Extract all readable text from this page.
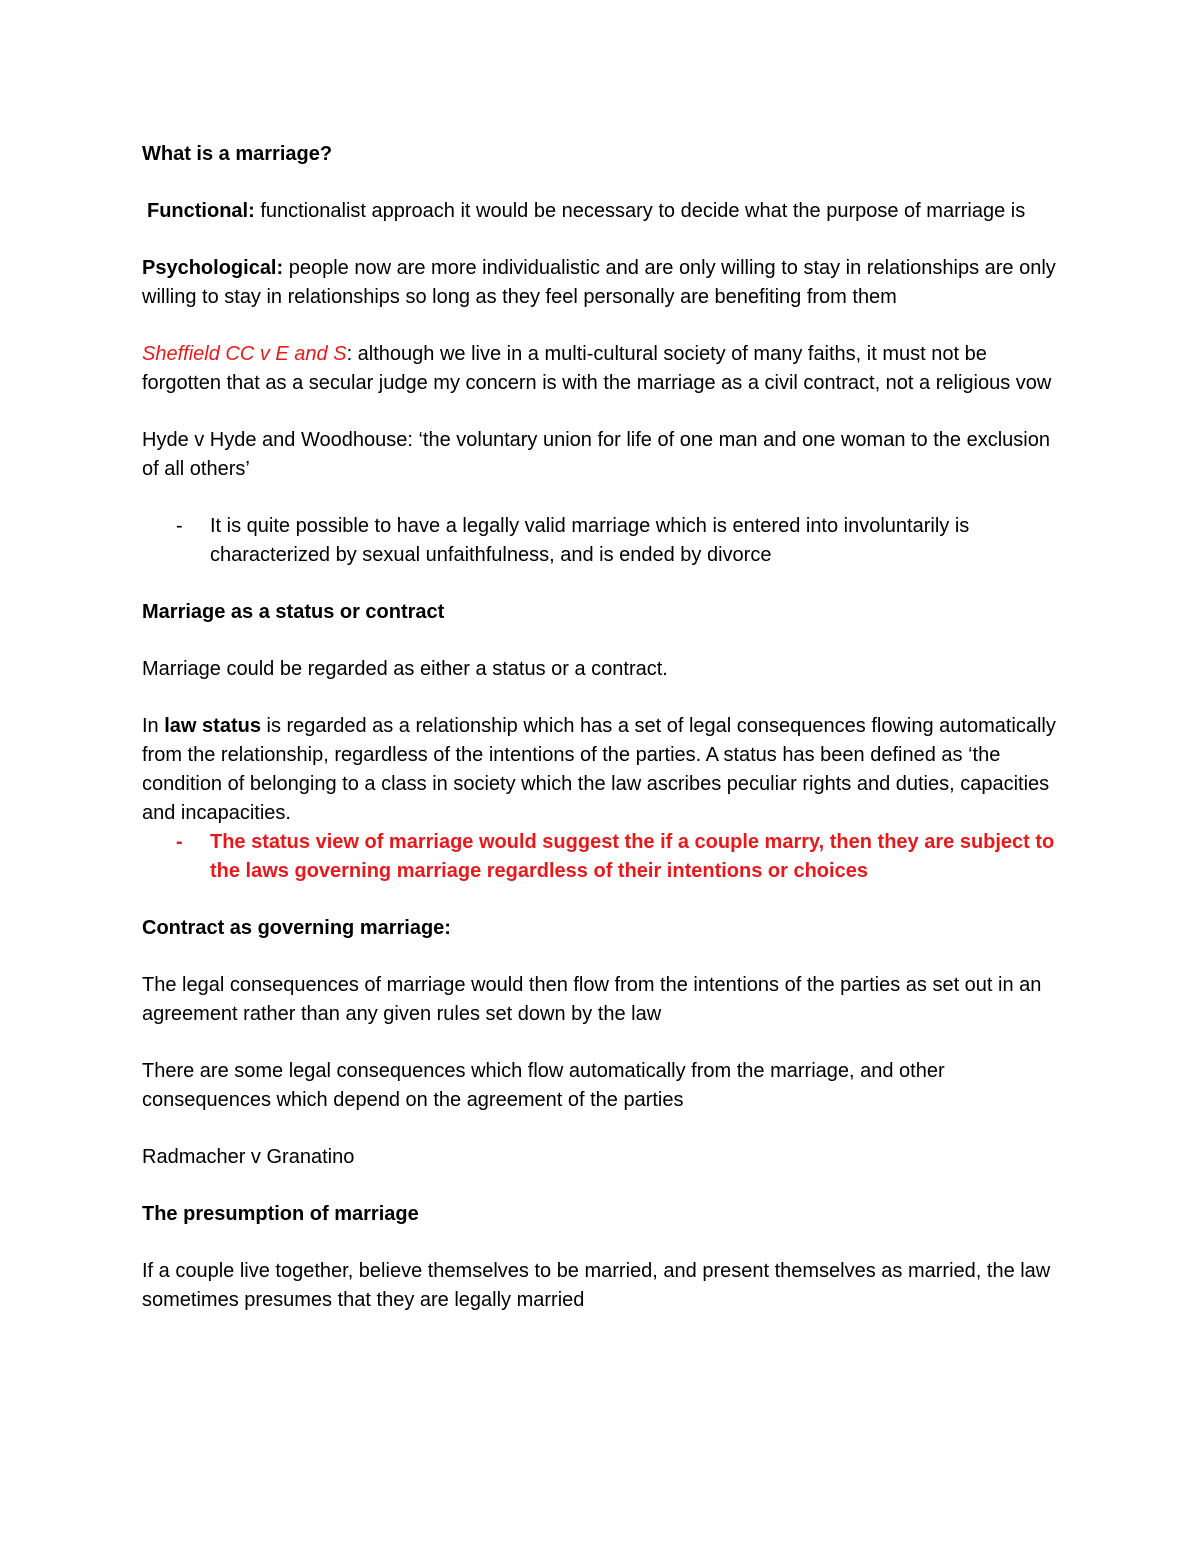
What is a marriage?

Functional: functionalist approach it would be necessary to decide what the purpose of marriage is

Psychological: people now are more individualistic and are only willing to stay in relationships are only willing to stay in relationships so long as they feel personally are benefiting from them

Sheffield CC v E and S: although we live in a multi-cultural society of many faiths, it must not be forgotten that as a secular judge my concern is with the marriage as a civil contract, not a religious vow

Hyde v Hyde and Woodhouse: ‘the voluntary union for life of one man and one woman to the exclusion of all others’

-	It is quite possible to have a legally valid marriage which is entered into involuntarily is characterized by sexual unfaithfulness, and is ended by divorce
Marriage as a status or contract

Marriage could be regarded as either a status or a contract.

In law status is regarded as a relationship which has a set of legal consequences flowing automatically from the relationship, regardless of the intentions of the parties. A status has been defined as ‘the condition of belonging to a class in society which the law ascribes peculiar rights and duties, capacities and incapacities.

-	The status view of marriage would suggest the if a couple marry, then they are subject to the laws governing marriage regardless of their intentions or choices
Contract as governing marriage:

The legal consequences of marriage would then flow from the intentions of the parties as set out in an agreement rather than any given rules set down by the law

There are some legal consequences which flow automatically from the marriage, and other consequences which depend on the agreement of the parties

Radmacher v Granatino

The presumption of marriage

If a couple live together, believe themselves to be married, and present themselves as married, the law sometimes presumes that they are legally married
